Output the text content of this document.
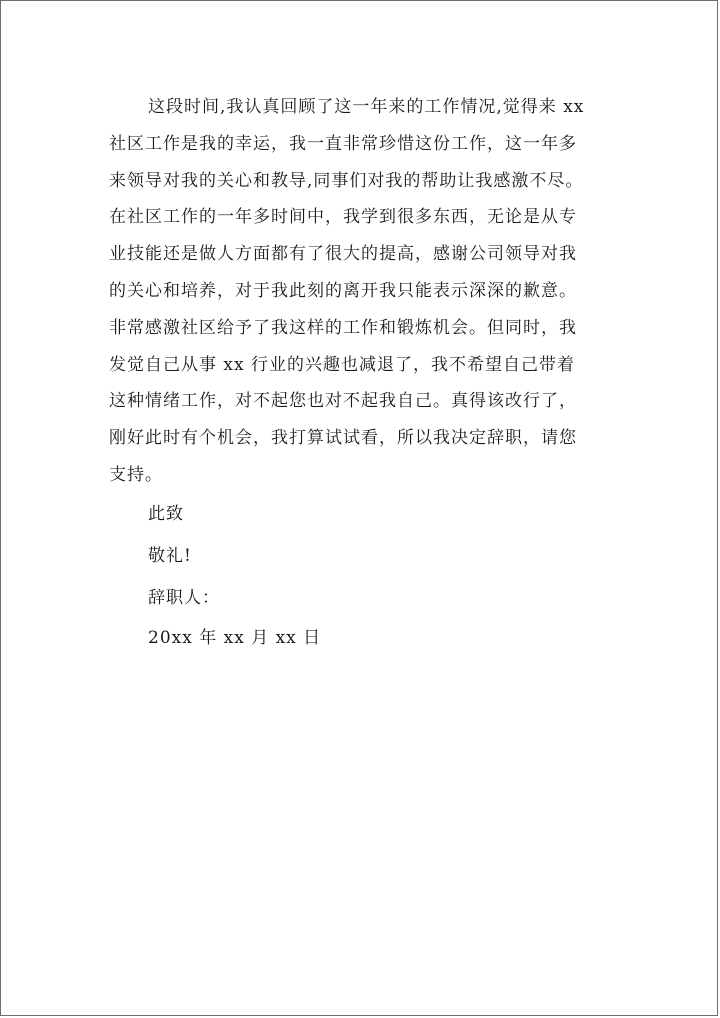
这段时间,我认真回顾了这一年来的工作情况,觉得来 xx
社区工作是我的幸运，我一直非常珍惜这份工作，这一年多
来领导对我的关心和教导,同事们对我的帮助让我感激不尽。
在社区工作的一年多时间中，我学到很多东西，无论是从专
业技能还是做人方面都有了很大的提高，感谢公司领导对我
的关心和培养，对于我此刻的离开我只能表示深深的歉意。
非常感激社区给予了我这样的工作和锻炼机会。但同时，我
发觉自己从事 xx 行业的兴趣也减退了，我不希望自己带着
这种情绪工作，对不起您也对不起我自己。真得该改行了，
刚好此时有个机会，我打算试试看，所以我决定辞职，请您
支持。
此致
敬礼!
辞职人：
20xx 年 xx 月 xx 日
